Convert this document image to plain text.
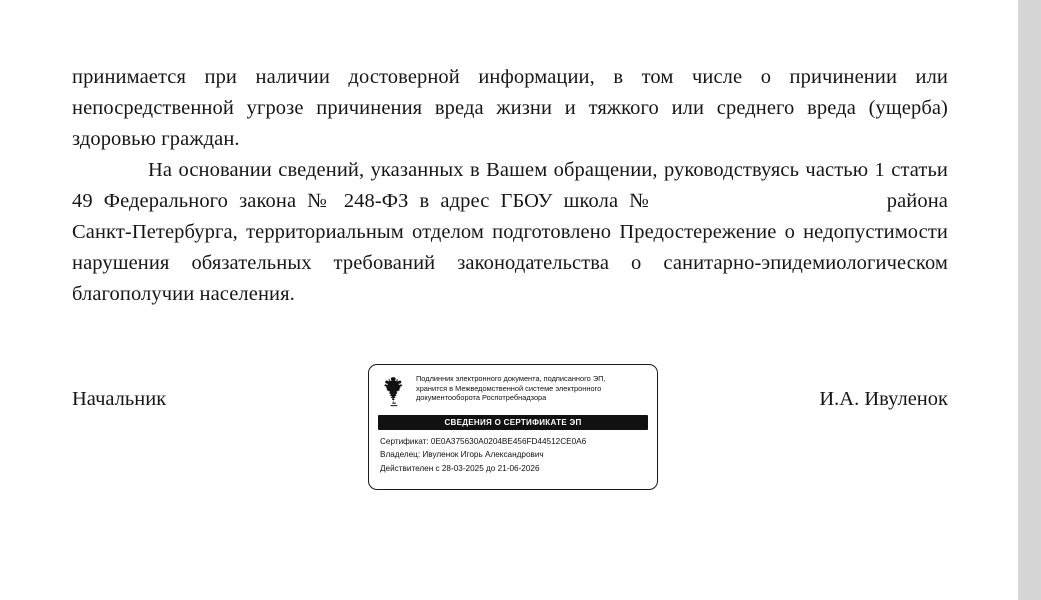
принимается при наличии достоверной информации, в том числе о причинении или непосредственной угрозе причинения вреда жизни и тяжкого или среднего вреда (ущерба) здоровью граждан.

На основании сведений, указанных в Вашем обращении, руководствуясь частью 1 статьи 49 Федерального закона № 248-ФЗ в адрес ГБОУ школа №	района Санкт-Петербурга, территориальным отделом подготовлено Предостережение о недопустимости нарушения обязательных требований законодательства о санитарно-эпидемиологическом благополучии населения.

Начальник	И.А. Ивуленок
Подлинник электронного документа, подписанного ЭП,
хранится в Межведомственной системе электронного
документооборота Роспотребнадзора
СВЕДЕНИЯ О СЕРТИФИКАТЕ ЭП
Сертификат: 0E0A375630A0204BE456FD44512CE0A6
Владелец: Ивуленок Игорь Александрович
Действителен с 28-03-2025 до 21-06-2026
